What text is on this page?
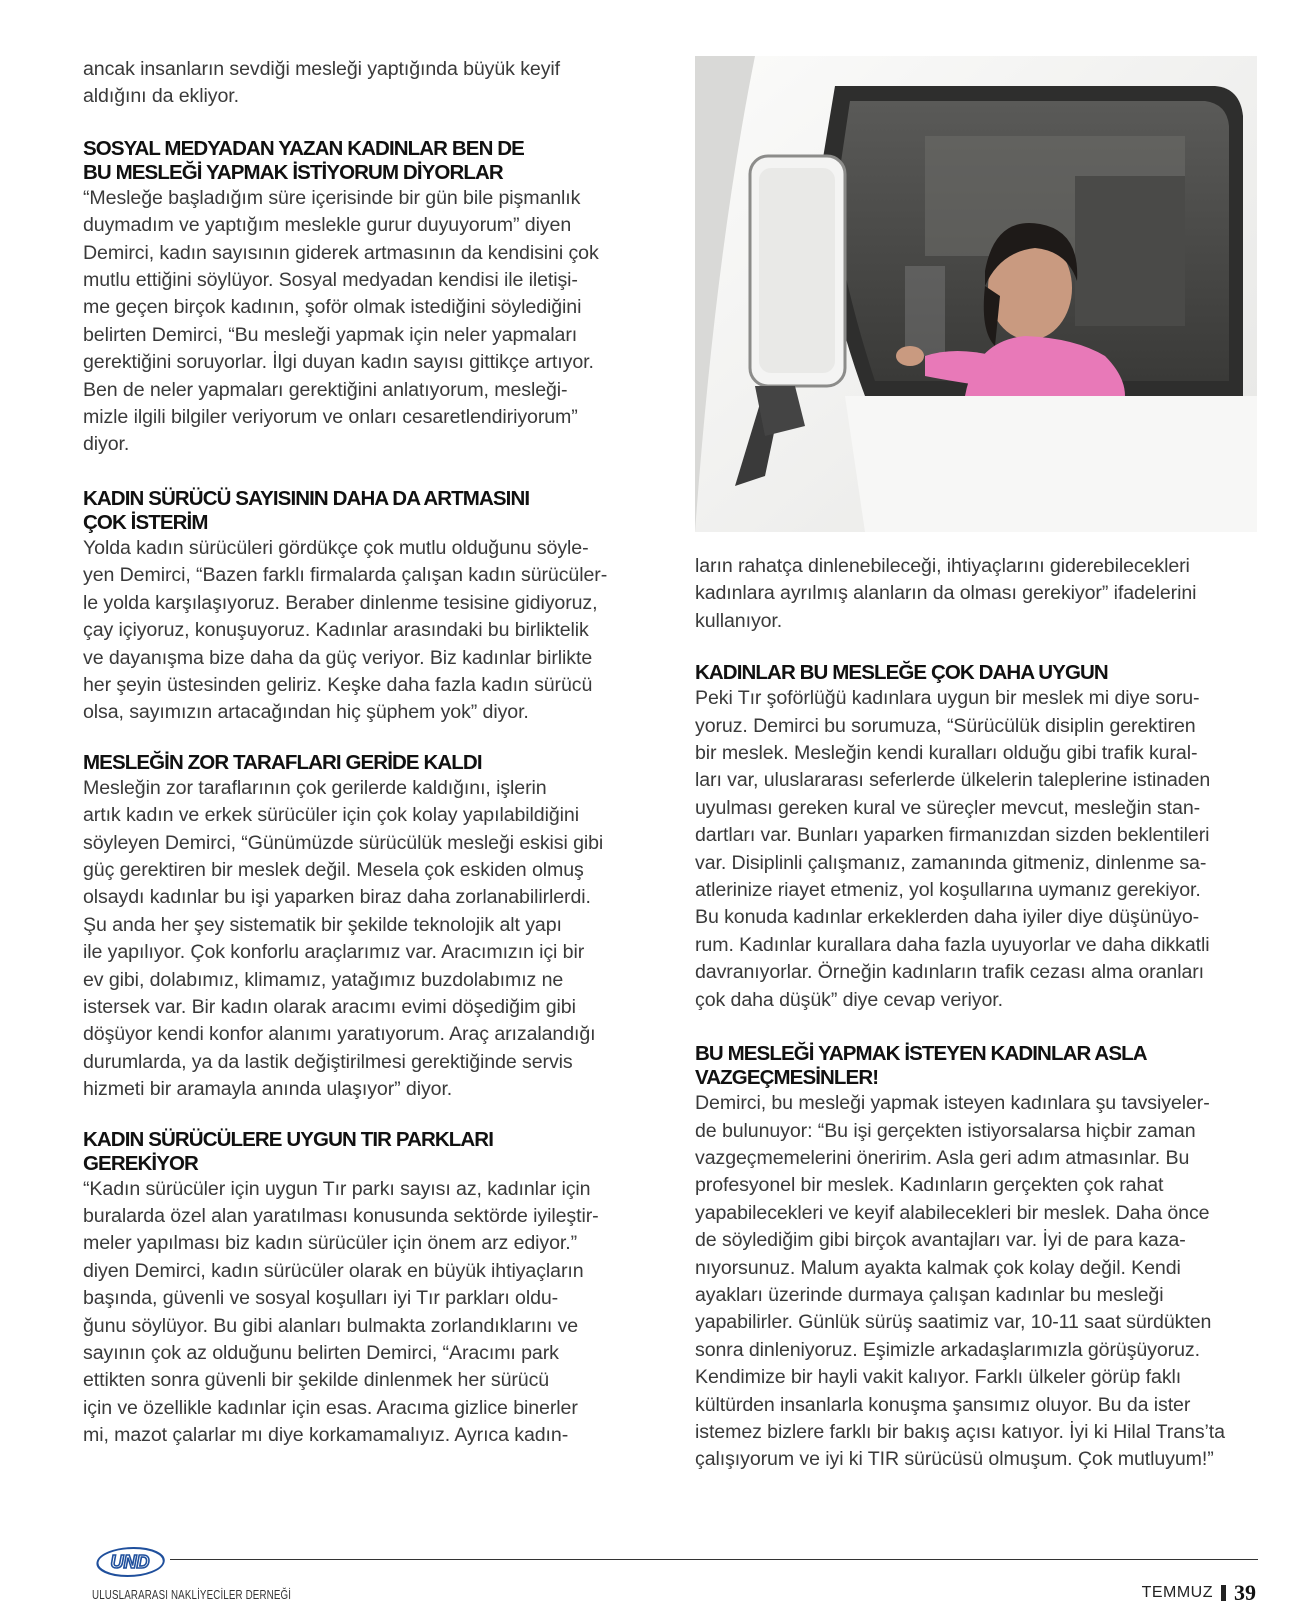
ancak insanların sevdiği mesleği yaptığında büyük keyif
aldığını da ekliyor.

SOSYAL MEDYADAN YAZAN KADINLAR BEN DE
BU MESLEĞİ YAPMAK İSTİYORUM DİYORLAR

“Mesleğe başladığım süre içerisinde bir gün bile pişmanlık
duymadım ve yaptığım meslekle gurur duyuyorum” diyen
Demirci, kadın sayısının giderek artmasının da kendisini çok
mutlu ettiğini söylüyor. Sosyal medyadan kendisi ile iletişi-
me geçen birçok kadının, şoför olmak istediğini söylediğini
belirten Demirci, “Bu mesleği yapmak için neler yapmaları
gerektiğini soruyorlar. İlgi duyan kadın sayısı gittikçe artıyor.
Ben de neler yapmaları gerektiğini anlatıyorum, mesleği-
mizle ilgili bilgiler veriyorum ve onları cesaretlendiriyorum”
diyor.

KADIN SÜRÜCÜ SAYISININ DAHA DA ARTMASINI
ÇOK İSTERİM

Yolda kadın sürücüleri gördükçe çok mutlu olduğunu söyle-
yen Demirci, “Bazen farklı firmalarda çalışan kadın sürücüler-
le yolda karşılaşıyoruz. Beraber dinlenme tesisine gidiyoruz,
çay içiyoruz, konuşuyoruz. Kadınlar arasındaki bu birliktelik
ve dayanışma bize daha da güç veriyor. Biz kadınlar birlikte
her şeyin üstesinden geliriz. Keşke daha fazla kadın sürücü
olsa, sayımızın artacağından hiç şüphem yok” diyor.

MESLEĞİN ZOR TARAFLARI GERİDE KALDI

Mesleğin zor taraflarının çok gerilerde kaldığını, işlerin
artık kadın ve erkek sürücüler için çok kolay yapılabildiğini
söyleyen Demirci, “Günümüzde sürücülük mesleği eskisi gibi
güç gerektiren bir meslek değil. Mesela çok eskiden olmuş
olsaydı kadınlar bu işi yaparken biraz daha zorlanabilirlerdi.
Şu anda her şey sistematik bir şekilde teknolojik alt yapı
ile yapılıyor. Çok konforlu araçlarımız var. Aracımızın içi bir
ev gibi, dolabımız, klimamız, yatağımız buzdolabımız ne
istersek var. Bir kadın olarak aracımı evimi döşediğim gibi
döşüyor kendi konfor alanımı yaratıyorum. Araç arızalandığı
durumlarda, ya da lastik değiştirilmesi gerektiğinde servis
hizmeti bir aramayla anında ulaşıyor” diyor.

KADIN SÜRÜCÜLERE UYGUN TIR PARKLARI
GEREKİYOR

“Kadın sürücüler için uygun Tır parkı sayısı az, kadınlar için
buralarda özel alan yaratılması konusunda sektörde iyileştir-
meler yapılması biz kadın sürücüler için önem arz ediyor.”
diyen Demirci, kadın sürücüler olarak en büyük ihtiyaçların
başında, güvenli ve sosyal koşulları iyi Tır parkları oldu-
ğunu söylüyor. Bu gibi alanları bulmakta zorlandıklarını ve
sayının çok az olduğunu belirten Demirci, “Aracımı park
ettikten sonra güvenli bir şekilde dinlenmek her sürücü
için ve özellikle kadınlar için esas. Aracıma gizlice binerler
mi, mazot çalarlar mı diye korkamamalıyız. Ayrıca kadın-

ların rahatça dinlenebileceği, ihtiyaçlarını giderebilecekleri
kadınlara ayrılmış alanların da olması gerekiyor” ifadelerini
kullanıyor.

KADINLAR BU MESLEĞE ÇOK DAHA UYGUN

Peki Tır şoförlüğü kadınlara uygun bir meslek mi diye soru-
yoruz. Demirci bu sorumuza, “Sürücülük disiplin gerektiren
bir meslek. Mesleğin kendi kuralları olduğu gibi trafik kural-
ları var, uluslararası seferlerde ülkelerin taleplerine istinaden
uyulması gereken kural ve süreçler mevcut, mesleğin stan-
dartları var. Bunları yaparken firmanızdan sizden beklentileri
var. Disiplinli çalışmanız, zamanında gitmeniz, dinlenme sa-
atlerinize riayet etmeniz, yol koşullarına uymanız gerekiyor.
Bu konuda kadınlar erkeklerden daha iyiler diye düşünüyo-
rum. Kadınlar kurallara daha fazla uyuyorlar ve daha dikkatli
davranıyorlar. Örneğin kadınların trafik cezası alma oranları
çok daha düşük” diye cevap veriyor.

BU MESLEĞİ YAPMAK İSTEYEN KADINLAR ASLA
VAZGEÇMESİNLER!

Demirci, bu mesleği yapmak isteyen kadınlara şu tavsiyeler-
de bulunuyor: “Bu işi gerçekten istiyorsalarsa hiçbir zaman
vazgeçmemelerini öneririm. Asla geri adım atmasınlar. Bu
profesyonel bir meslek. Kadınların gerçekten çok rahat
yapabilecekleri ve keyif alabilecekleri bir meslek. Daha önce
de söylediğim gibi birçok avantajları var. İyi de para kaza-
nıyorsunuz. Malum ayakta kalmak çok kolay değil. Kendi
ayakları üzerinde durmaya çalışan kadınlar bu mesleği
yapabilirler. Günlük sürüş saatimiz var, 10-11 saat sürdükten
sonra dinleniyoruz. Eşimizle arkadaşlarımızla görüşüyoruz.
Kendimize bir hayli vakit kalıyor. Farklı ülkeler görüp faklı
kültürden insanlarla konuşma şansımız oluyor. Bu da ister
istemez bizlere farklı bir bakış açısı katıyor. İyi ki Hilal Trans’ta
çalışıyorum ve iyi ki TIR sürücüsü olmuşum. Çok mutluyum!”

UND
ULUSLARARASI NAKLİYECİLER DERNEĞİ	TEMMUZ 39
